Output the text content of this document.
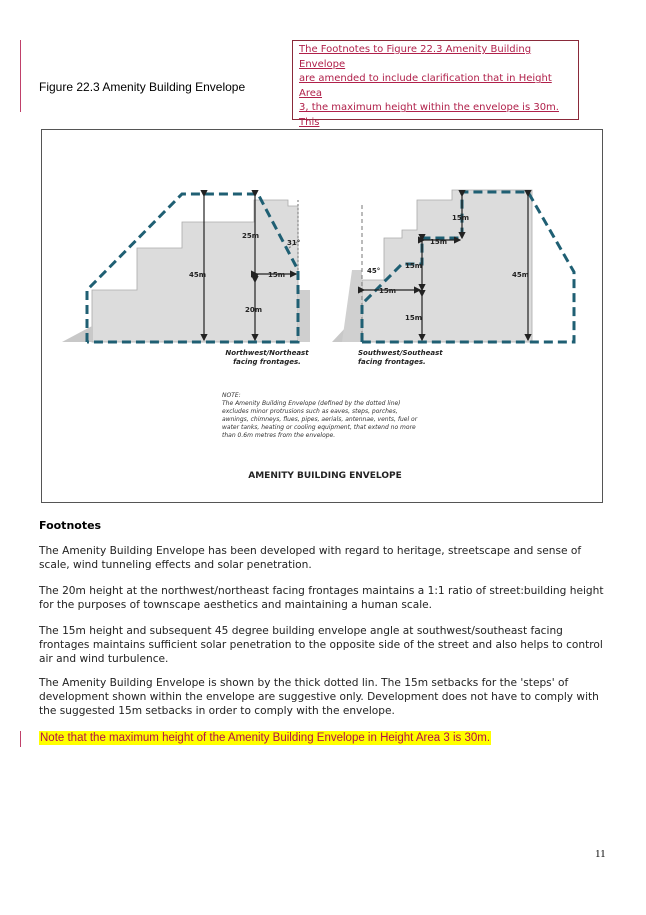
Figure 22.3 Amenity Building Envelope
The Footnotes to Figure 22.3 Amenity Building Envelope
are amended to include clarification that in Height Area
3, the maximum height within the envelope is 30m. This

45m
25m
20m
15m
31°
Northwest/Northeast
facing frontages.
15m
15m
15m
15m
15m
45m
45°
Southwest/Southeast
facing frontages.
NOTE:
The Amenity Building Envelope (defined by the dotted line)
excludes minor protrusions such as eaves, steps, porches,
awnings, chimneys, flues, pipes, aerials, antennae, vents, fuel or
water tanks, heating or cooling equipment, that extend no more
than 0.6m metres from the envelope.
AMENITY BUILDING ENVELOPE
Footnotes
The Amenity Building Envelope has been developed with regard to heritage, streetscape and sense of scale, wind tunneling effects and solar penetration.
The 20m height at the northwest/northeast facing frontages maintains a 1:1 ratio of street:building height for the purposes of townscape aesthetics and maintaining a human scale.
The 15m height and subsequent 45 degree building envelope angle at southwest/southeast facing frontages maintains sufficient solar penetration to the opposite side of the street and also helps to control air and wind turbulence.
The Amenity Building Envelope is shown by the thick dotted lin. The 15m setbacks for the 'steps' of development shown within the envelope are suggestive only. Development does not have to comply with the suggested 15m setbacks in order to comply with the envelope.
Note that the maximum height of the Amenity Building Envelope in Height Area 3 is 30m.
11
